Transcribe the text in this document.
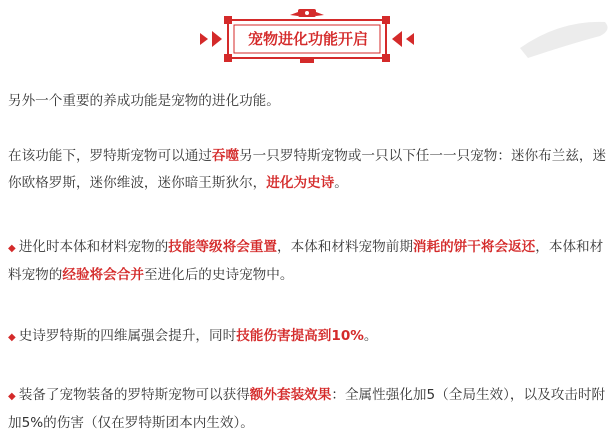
宠物进化功能开启

另外一个重要的养成功能是宠物的进化功能。

在该功能下，罗特斯宠物可以通过吞噬另一只罗特斯宠物或一只以下任一一只宠物：迷你布兰兹，迷你欧格罗斯，迷你维波，迷你暗王斯狄尔，进化为史诗。

◆ 进化时本体和材料宠物的技能等级将会重置，本体和材料宠物前期消耗的饼干将会返还，本体和材料宠物的经验将会合并至进化后的史诗宠物中。

◆ 史诗罗特斯的四维属强会提升，同时技能伤害提高到10%。

◆ 装备了宠物装备的罗特斯宠物可以获得额外套装效果：全属性强化加5（全局生效），以及攻击时附加5%的伤害（仅在罗特斯团本内生效）。
